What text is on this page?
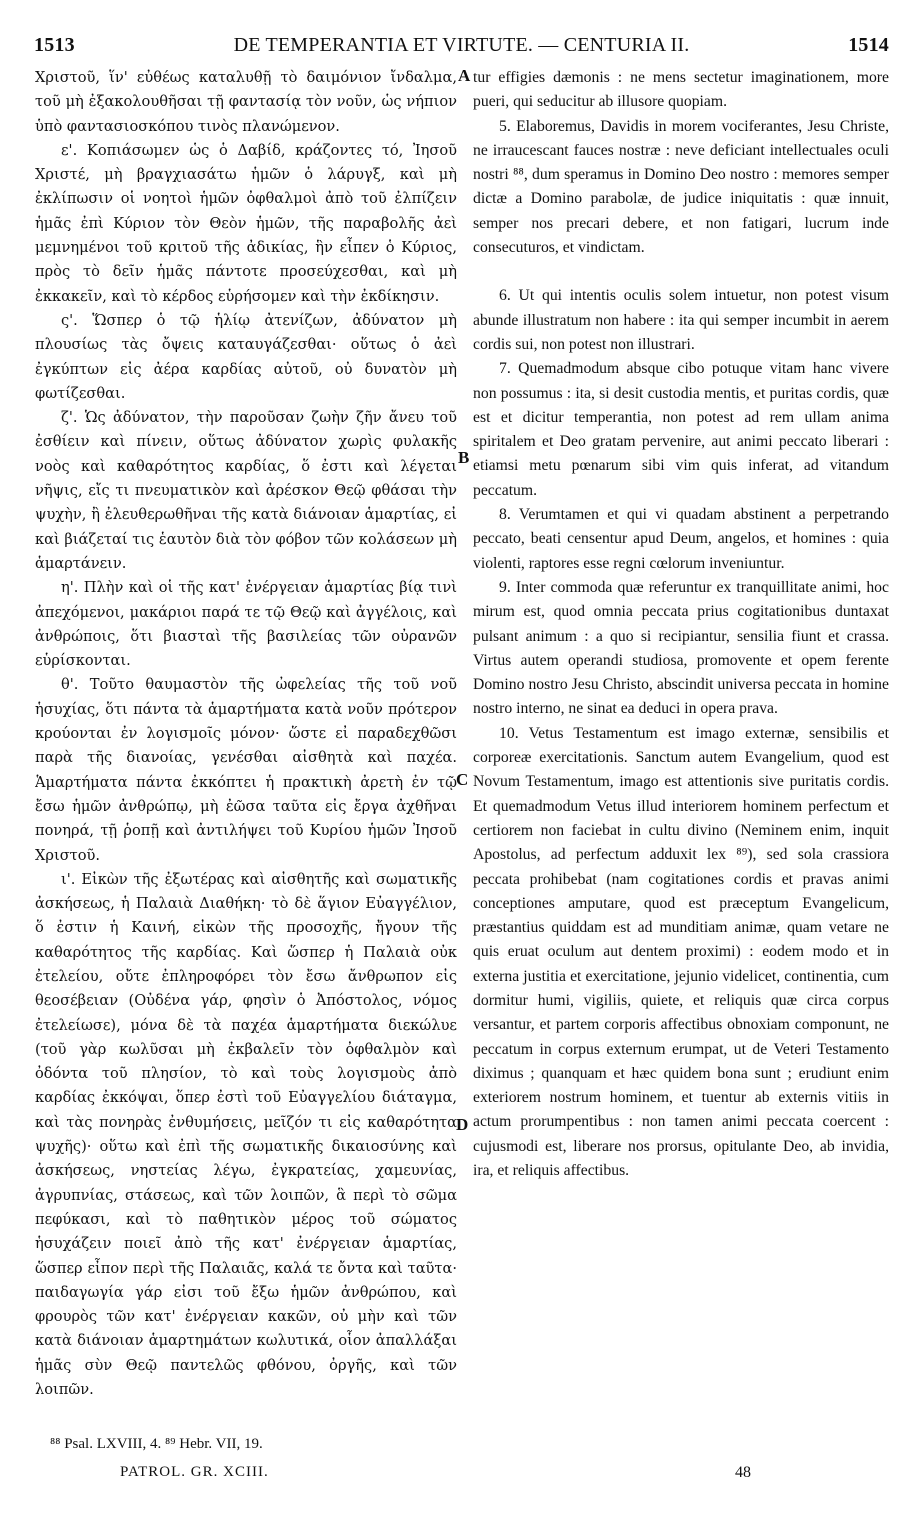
1513	DE TEMPERANTIA ET VIRTUTE. — CENTURIA II.	1514

Χριστοῦ, ἵν' εὐθέως καταλυθῇ τὸ δαιμόνιον ἴνδαλμα, τοῦ μὴ ἐξακολουθῆσαι τῇ φαντασίᾳ τὸν νοῦν, ὡς νήπιον ὑπὸ φαντασιοσκόπου τινὸς πλανώμενον.

ε'. Κοπιάσωμεν ὡς ὁ Δαβίδ, κράζοντες τό, Ἰησοῦ Χριστέ, μὴ βραγχιασάτω ἡμῶν ὁ λάρυγξ, καὶ μὴ ἐκλίπωσιν οἱ νοητοὶ ἡμῶν ὀφθαλμοὶ ἀπὸ τοῦ ἐλπίζειν ἡμᾶς ἐπὶ Κύριον τὸν Θεὸν ἡμῶν, τῆς παραβολῆς ἀεὶ μεμνημένοι τοῦ κριτοῦ τῆς ἀδικίας, ἣν εἶπεν ὁ Κύριος, πρὸς τὸ δεῖν ἡμᾶς πάντοτε προσεύχεσθαι, καὶ μὴ ἐκκακεῖν, καὶ τὸ κέρδος εὑρήσομεν καὶ τὴν ἐκδίκησιν.

ς'. Ὥσπερ ὁ τῷ ἡλίῳ ἀτενίζων, ἀδύνατον μὴ πλουσίως τὰς ὄψεις καταυγάζεσθαι· οὕτως ὁ ἀεὶ ἐγκύπτων εἰς ἀέρα καρδίας αὐτοῦ, οὐ δυνατὸν μὴ φωτίζεσθαι.

ζ'. Ὡς ἀδύνατον, τὴν παροῦσαν ζωὴν ζῆν ἄνευ τοῦ ἐσθίειν καὶ πίνειν, οὕτως ἀδύνατον χωρὶς φυλακῆς νοὸς καὶ καθαρότητος καρδίας, ὅ ἐστι καὶ λέγεται νῆψις, εἴς τι πνευματικὸν καὶ ἀρέσκον Θεῷ φθάσαι τὴν ψυχὴν, ἢ ἐλευθερωθῆναι τῆς κατὰ διάνοιαν ἁμαρτίας, εἰ καὶ βιάζεταί τις ἑαυτὸν διὰ τὸν φόβον τῶν κολάσεων μὴ ἁμαρτάνειν.

η'. Πλὴν καὶ οἱ τῆς κατ' ἐνέργειαν ἁμαρτίας βίᾳ τινὶ ἀπεχόμενοι, μακάριοι παρά τε τῷ Θεῷ καὶ ἀγγέλοις, καὶ ἀνθρώποις, ὅτι βιασταὶ τῆς βασιλείας τῶν οὐρανῶν εὑρίσκονται.

θ'. Τοῦτο θαυμαστὸν τῆς ὠφελείας τῆς τοῦ νοῦ ἡσυχίας, ὅτι πάντα τὰ ἁμαρτήματα κατὰ νοῦν πρότερον κρούονται ἐν λογισμοῖς μόνον· ὥστε εἰ παραδεχθῶσι παρὰ τῆς διανοίας, γενέσθαι αἰσθητὰ καὶ παχέα. Ἁμαρτήματα πάντα ἐκκόπτει ἡ πρακτικὴ ἀρετὴ ἐν τῷ ἔσω ἡμῶν ἀνθρώπῳ, μὴ ἐῶσα ταῦτα εἰς ἔργα ἀχθῆναι πονηρά, τῇ ῥοπῇ καὶ ἀντιλήψει τοῦ Κυρίου ἡμῶν Ἰησοῦ Χριστοῦ.

ι'. Εἰκὼν τῆς ἐξωτέρας καὶ αἰσθητῆς καὶ σωματικῆς ἀσκήσεως, ἡ Παλαιὰ Διαθήκη· τὸ δὲ ἅγιον Εὐαγγέλιον, ὅ ἐστιν ἡ Καινή, εἰκὼν τῆς προσοχῆς, ἤγουν τῆς καθαρότητος τῆς καρδίας. Καὶ ὥσπερ ἡ Παλαιὰ οὐκ ἐτελείου, οὔτε ἐπληροφόρει τὸν ἔσω ἄνθρωπον εἰς θεοσέβειαν (Οὐδένα γάρ, φησὶν ὁ Ἀπόστολος, νόμος ἐτελείωσε), μόνα δὲ τὰ παχέα ἁμαρτήματα διεκώλυε (τοῦ γὰρ κωλῦσαι μὴ ἐκβαλεῖν τὸν ὀφθαλμὸν καὶ ὀδόντα τοῦ πλησίον, τὸ καὶ τοὺς λογισμοὺς ἀπὸ καρδίας ἐκκόψαι, ὅπερ ἐστὶ τοῦ Εὐαγγελίου διάταγμα, καὶ τὰς πονηρὰς ἐνθυμήσεις, μεῖζόν τι εἰς καθαρότητα ψυχῆς)· οὕτω καὶ ἐπὶ τῆς σωματικῆς δικαιοσύνης καὶ ἀσκήσεως, νηστείας λέγω, ἐγκρατείας, χαμευνίας, ἀγρυπνίας, στάσεως, καὶ τῶν λοιπῶν, ἃ περὶ τὸ σῶμα πεφύκασι, καὶ τὸ παθητικὸν μέρος τοῦ σώματος ἡσυχάζειν ποιεῖ ἀπὸ τῆς κατ' ἐνέργειαν ἁμαρτίας, ὥσπερ εἶπον περὶ τῆς Παλαιᾶς, καλά τε ὄντα καὶ ταῦτα· παιδαγωγία γάρ εἰσι τοῦ ἔξω ἡμῶν ἀνθρώπου, καὶ φρουρὸς τῶν κατ' ἐνέργειαν κακῶν, οὐ μὴν καὶ τῶν κατὰ διάνοιαν ἁμαρτημάτων κωλυτικά, οἷον ἀπαλλάξαι ἡμᾶς σὺν Θεῷ παντελῶς φθόνου, ὀργῆς, καὶ τῶν λοιπῶν.

A
B
C
D

tur effigies dæmonis : ne mens sectetur imaginationem, more pueri, qui seducitur ab illusore quopiam.

5. Elaboremus, Davidis in morem vociferantes, Jesu Christe, ne irraucescant fauces nostræ : neve deficiant intellectuales oculi nostri ⁸⁸, dum speramus in Domino Deo nostro : memores semper dictæ a Domino parabolæ, de judice iniquitatis : quæ innuit, semper nos precari debere, et non fatigari, lucrum inde consecuturos, et vindictam.

6. Ut qui intentis oculis solem intuetur, non potest visum abunde illustratum non habere : ita qui semper incumbit in aerem cordis sui, non potest non illustrari.

7. Quemadmodum absque cibo potuque vitam hanc vivere non possumus : ita, si desit custodia mentis, et puritas cordis, quæ est et dicitur temperantia, non potest ad rem ullam anima spiritalem et Deo gratam pervenire, aut animi peccato liberari : etiamsi metu pœnarum sibi vim quis inferat, ad vitandum peccatum.

8. Verumtamen et qui vi quadam abstinent a perpetrando peccato, beati censentur apud Deum, angelos, et homines : quia violenti, raptores esse regni cœlorum inveniuntur.

9. Inter commoda quæ referuntur ex tranquillitate animi, hoc mirum est, quod omnia peccata prius cogitationibus duntaxat pulsant animum : a quo si recipiantur, sensilia fiunt et crassa. Virtus autem operandi studiosa, promovente et opem ferente Domino nostro Jesu Christo, abscindit universa peccata in homine nostro interno, ne sinat ea deduci in opera prava.

10. Vetus Testamentum est imago externæ, sensibilis et corporeæ exercitationis. Sanctum autem Evangelium, quod est Novum Testamentum, imago est attentionis sive puritatis cordis. Et quemadmodum Vetus illud interiorem hominem perfectum et certiorem non faciebat in cultu divino (Neminem enim, inquit Apostolus, ad perfectum adduxit lex ⁸⁹), sed sola crassiora peccata prohibebat (nam cogitationes cordis et pravas animi conceptiones amputare, quod est præceptum Evangelicum, præstantius quiddam est ad munditiam animæ, quam vetare ne quis eruat oculum aut dentem proximi) : eodem modo et in externa justitia et exercitatione, jejunio videlicet, continentia, cum dormitur humi, vigiliis, quiete, et reliquis quæ circa corpus versantur, et partem corporis affectibus obnoxiam componunt, ne peccatum in corpus externum erumpat, ut de Veteri Testamento diximus ; quanquam et hæc quidem bona sunt ; erudiunt enim exteriorem nostrum hominem, et tuentur ab externis vitiis in actum prorumpentibus : non tamen animi peccata coercent : cujusmodi est, liberare nos prorsus, opitulante Deo, ab invidia, ira, et reliquis affectibus.

⁸⁸ Psal. LXVIII, 4. ⁸⁹ Hebr. VII, 19.
PATROL. GR. XCIII.	48
